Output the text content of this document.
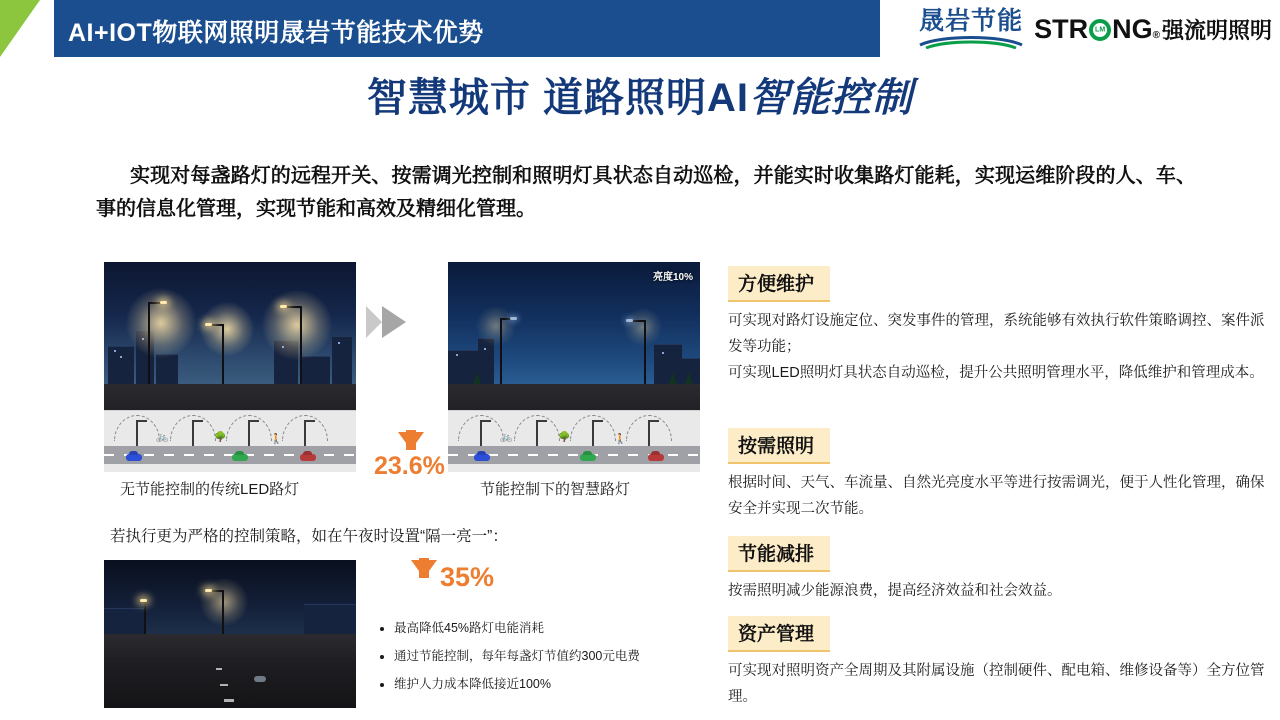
AI+IOT物联网照明晟岩节能技术优势	晟岩节能 STR LM NG ® 强流明照明
智慧城市 道路照明AI智能控制
实现对每盏路灯的远程开关、按需调光控制和照明灯具状态自动巡检，并能实时收集路灯能耗，实现运维阶段的人、车、事的信息化管理，实现节能和高效及精细化管理。
亮度10%
🚲	🌳	🚶	🚲	🌳	🚶
23.6%
无节能控制的传统LED路灯	节能控制下的智慧路灯
若执行更为严格的控制策略，如在午夜时设置“隔一亮一”：
35%
• 最高降低45%路灯电能消耗
• 通过节能控制，每年每盏灯节值约300元电费
• 维护人力成本降低接近100%
方便维护

可实现对路灯设施定位、突发事件的管理，系统能够有效执行软件策略调控、案件派发等功能；

可实现LED照明灯具状态自动巡检，提升公共照明管理水平，降低维护和管理成本。

按需照明

根据时间、天气、车流量、自然光亮度水平等进行按需调光，便于人性化管理，确保安全并实现二次节能。

节能减排

按需照明减少能源浪费，提高经济效益和社会效益。

资产管理

可实现对照明资产全周期及其附属设施（控制硬件、配电箱、维修设备等）全方位管理。
